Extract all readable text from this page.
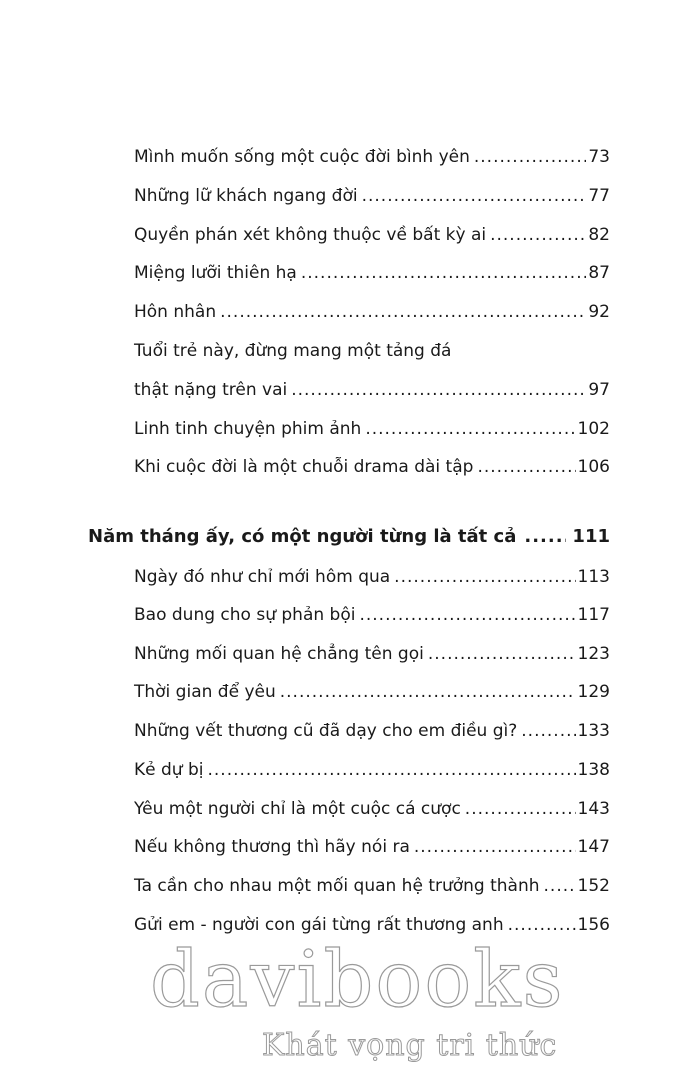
Mình muốn sống một cuộc đời bình yên .....	73
Những lữ khách ngang đời .....	77
Quyền phán xét không thuộc về bất kỳ ai .....	82
Miệng lưỡi thiên hạ .....	87
Hôn nhân .....	92
Tuổi trẻ này, đừng mang một tảng đá
thật nặng trên vai .....	97
Linh tinh chuyện phim ảnh .....	102
Khi cuộc đời là một chuỗi drama dài tập .....	106
Năm tháng ấy, có một người từng là tất cả .....	111
Ngày đó như chỉ mới hôm qua .....	113
Bao dung cho sự phản bội .....	117
Những mối quan hệ chẳng tên gọi .....	123
Thời gian để yêu .....	129
Những vết thương cũ đã dạy cho em điều gì? .....	133
Kẻ dự bị .....	138
Yêu một người chỉ là một cuộc cá cược .....	143
Nếu không thương thì hãy nói ra .....	147
Ta cần cho nhau một mối quan hệ trưởng thành ..... 152
Gửi em - người con gái từng rất thương anh .....	156
davibooks
Khát vọng tri thức
